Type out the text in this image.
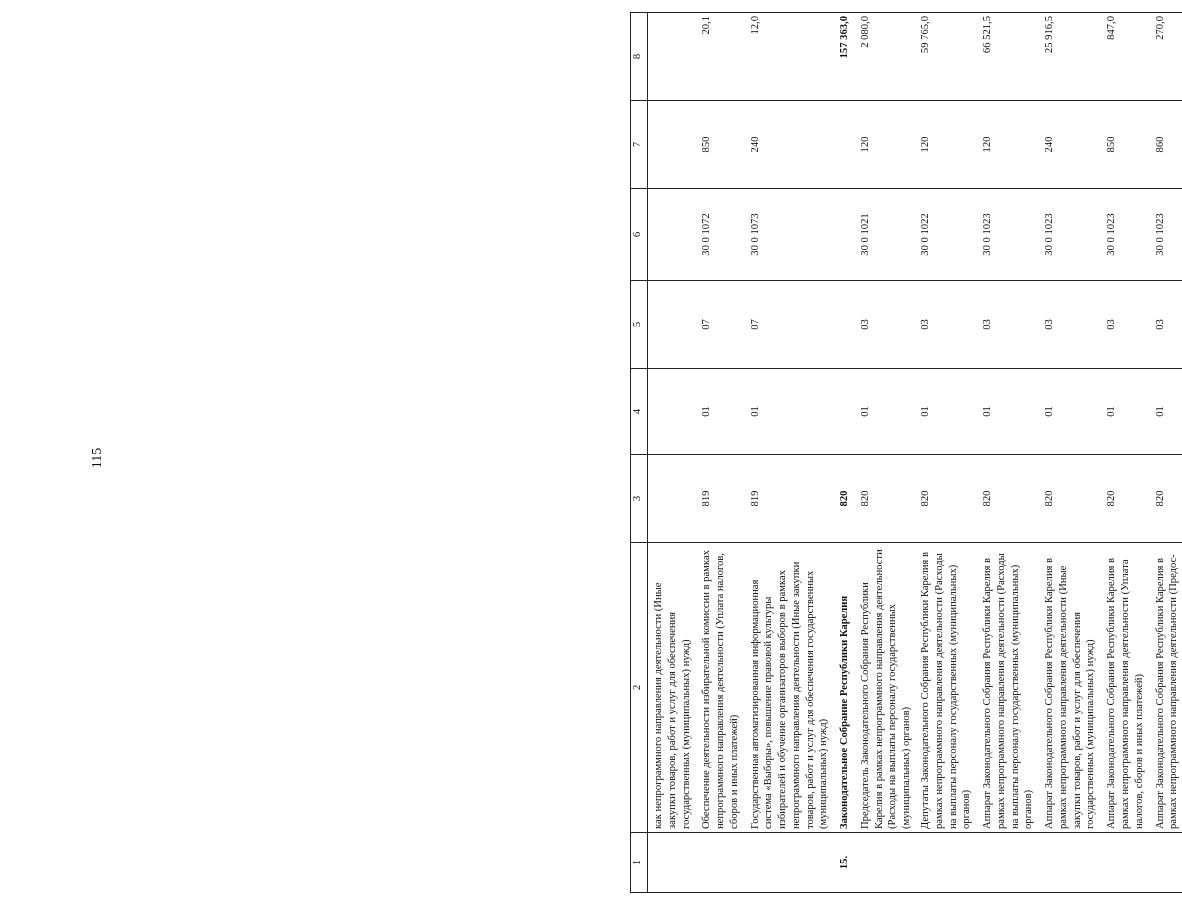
115
1	2	3	4	5	6	7	8
	как непрограммного направления деятельности (Иные закупки товаров, работ и услуг для обеспечения государственных (муниципальных) нужд)						
	Обеспечение деятельности избирательной комиссии в рамках непрограммного направления деятельности (Уплата налогов, сборов и иных платежей)	819	01	07	30 0 1072	850	20,1
	Государственная автоматизированная информационная система «Выборы», повышение правовой культуры избирателей и обучение организаторов выборов в рамках непрограммного направления деятельности (Иные закупки товаров, работ и услуг для обеспечения государственных (муниципальных) нужд)	819	01	07	30 0 1073	240	12,0
15.	Законодательное Собрание Республики Карелия	820					157 363,0
	Председатель Законодательного Собрания Республики Карелия в рамках непрограммного направления деятельности (Расходы на выплаты персоналу государственных (муниципальных) органов)	820	01	03	30 0 1021	120	2 080,0
	Депутаты Законодательного Собрания Республики Карелия в рамках непрограммного направления деятельности (Расходы на выплаты персоналу государственных (муниципальных) органов)	820	01	03	30 0 1022	120	59 765,0
	Аппарат Законодательного Собрания Республики Карелия в рамках непрограммного направления деятельности (Расходы на выплаты персоналу государственных (муниципальных) органов)	820	01	03	30 0 1023	120	66 521,5
	Аппарат Законодательного Собрания Республики Карелия в рамках непрограммного направления деятельности (Иные закупки товаров, работ и услуг для обеспечения государственных (муниципальных) нужд)	820	01	03	30 0 1023	240	25 916,5
	Аппарат Законодательного Собрания Республики Карелия в рамках непрограммного направления деятельности (Уплата налогов, сборов и иных платежей)	820	01	03	30 0 1023	850	847,0
	Аппарат Законодательного Собрания Республики Карелия в рамках непрограммного направления деятельности (Предос-	820	01	03	30 0 1023	860	270,0
